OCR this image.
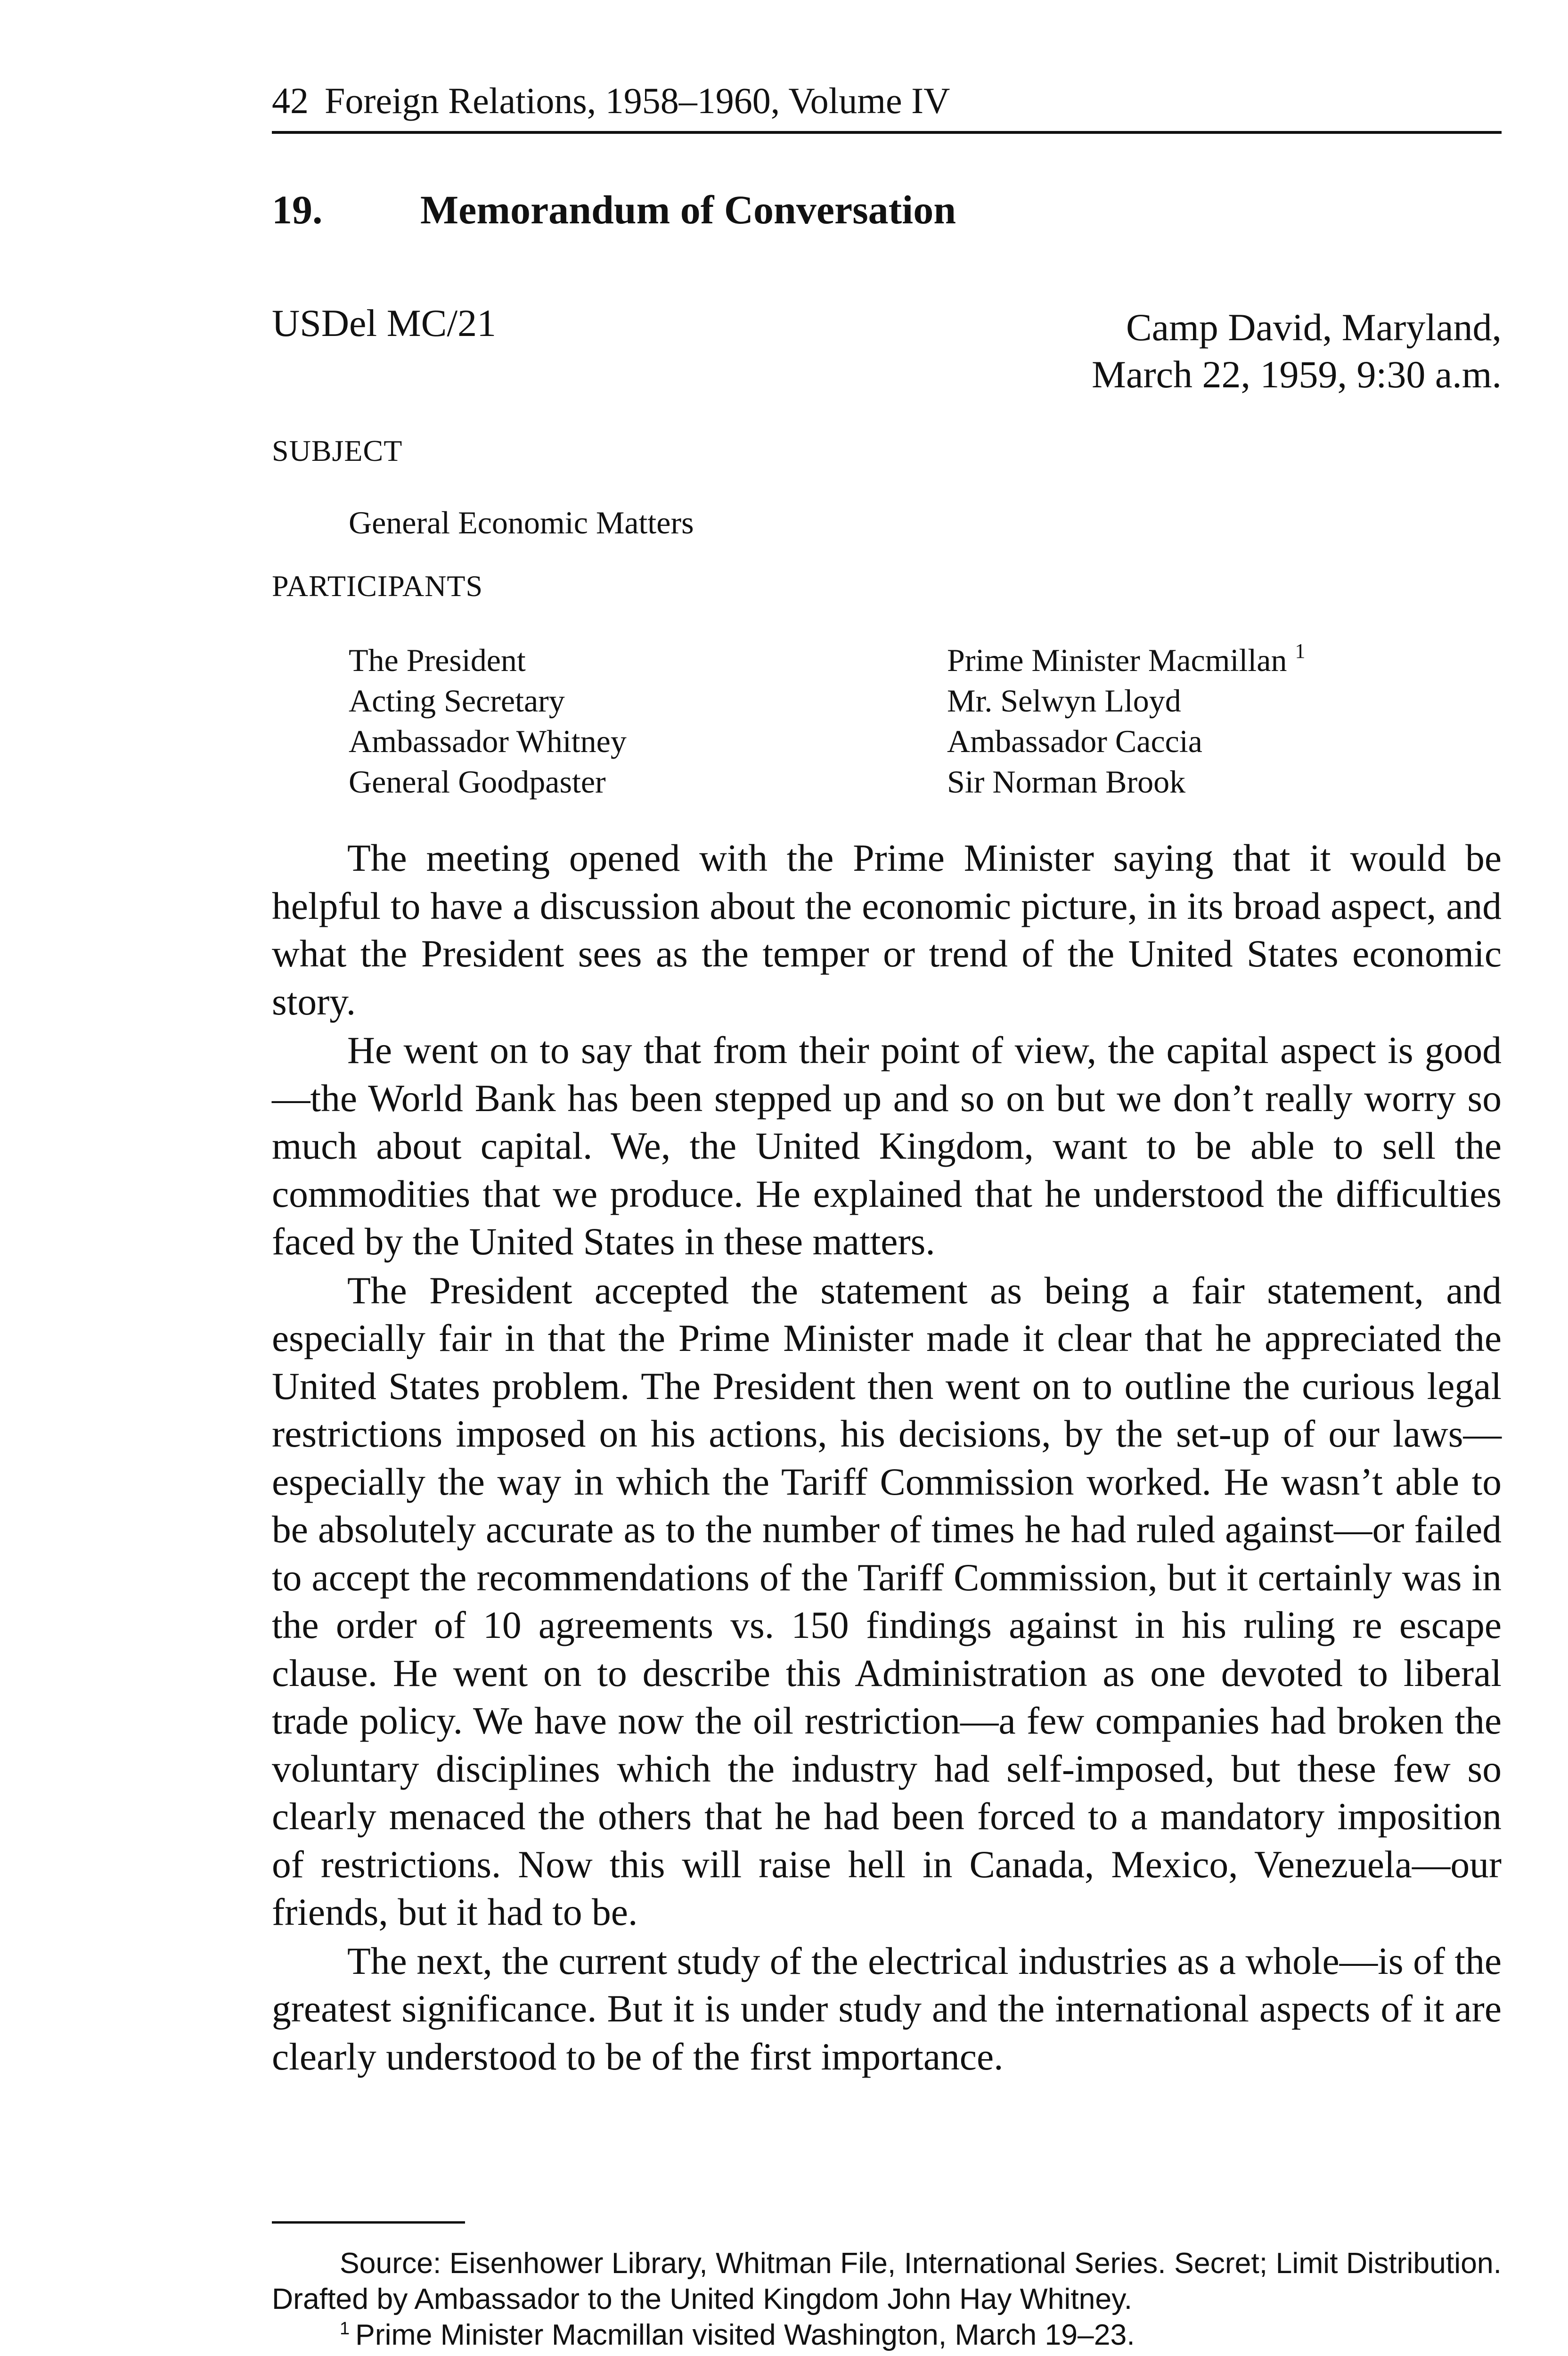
42 Foreign Relations, 1958–1960, Volume IV
19. Memorandum of Conversation
USDel MC/21	Camp David, Maryland,
March 22, 1959, 9:30 a.m.
SUBJECT
General Economic Matters
PARTICIPANTS
The President
Acting Secretary
Ambassador Whitney
General Goodpaster
Prime Minister Macmillan $^1$
Mr. Selwyn Lloyd
Ambassador Caccia
Sir Norman Brook

The meeting opened with the Prime Minister saying that it would be helpful to have a discussion about the economic picture, in its broad aspect, and what the President sees as the temper or trend of the United States economic story.

He went on to say that from their point of view, the capital aspect is good—the World Bank has been stepped up and so on but we don’t really worry so much about capital. We, the United Kingdom, want to be able to sell the commodities that we produce. He explained that he understood the difficulties faced by the United States in these matters.

The President accepted the statement as being a fair statement, and especially fair in that the Prime Minister made it clear that he appreciated the United States problem. The President then went on to outline the curious legal restrictions imposed on his actions, his decisions, by the set-up of our laws—especially the way in which the Tariff Commission worked. He wasn’t able to be absolutely accurate as to the number of times he had ruled against—or failed to accept the recommendations of the Tariff Commission, but it certainly was in the order of 10 agreements vs. 150 findings against in his ruling re escape clause. He went on to describe this Administration as one devoted to liberal trade policy. We have now the oil restriction—a few companies had broken the voluntary disciplines which the industry had self-imposed, but these few so clearly menaced the others that he had been forced to a mandatory imposition of restrictions. Now this will raise hell in Canada, Mexico, Venezuela—our friends, but it had to be.

The next, the current study of the electrical industries as a whole—is of the greatest significance. But it is under study and the international aspects of it are clearly understood to be of the first importance.

Source: Eisenhower Library, Whitman File, International Series. Secret; Limit Distribution. Drafted by Ambassador to the United Kingdom John Hay Whitney.

$^1$ Prime Minister Macmillan visited Washington, March 19–23.
